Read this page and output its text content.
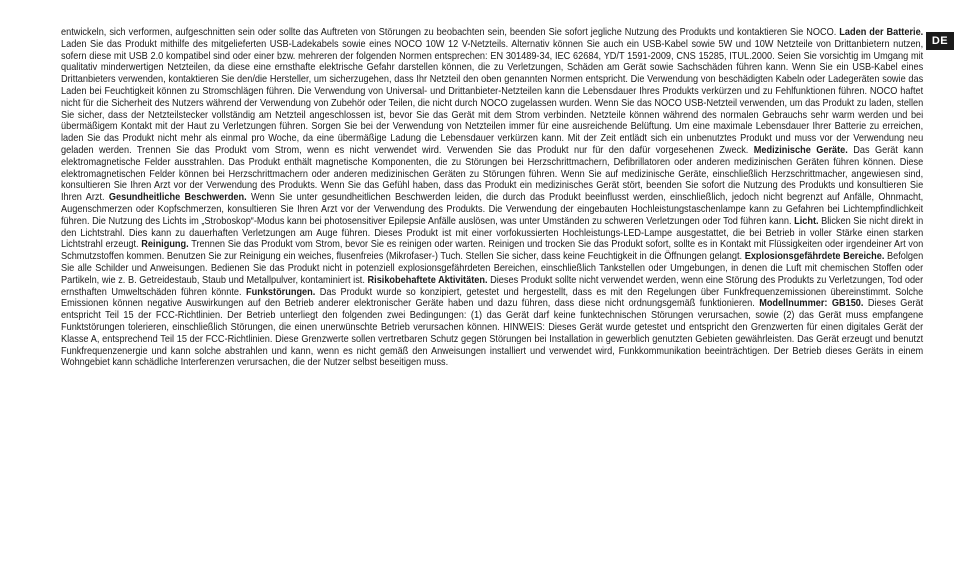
DE
entwickeln, sich verformen, aufgeschnitten sein oder sollte das Auftreten von Störungen zu beobachten sein, beenden Sie sofort jegliche Nutzung des Produkts und kontaktieren Sie NOCO. Laden der Batterie. Laden Sie das Produkt mithilfe des mitgelieferten USB-Ladekabels sowie eines NOCO 10W 12 V-Netzteils. Alternativ können Sie auch ein USB-Kabel sowie 5W und 10W Netzteile von Drittanbietern nutzen, sofern diese mit USB 2.0 kompatibel sind oder einer bzw. mehreren der folgenden Normen entsprechen: EN 301489-34, IEC 62684, YD/T 1591-2009, CNS 15285, ITUL.2000. Seien Sie vorsichtig im Umgang mit qualitativ minderwertigen Netzteilen, da diese eine ernsthafte elektrische Gefahr darstellen können, die zu Verletzungen, Schäden am Gerät sowie Sachschäden führen kann. Wenn Sie ein USB-Kabel eines Drittanbieters verwenden, kontaktieren Sie den/die Hersteller, um sicherzugehen, dass Ihr Netzteil den oben genannten Normen entspricht. Die Verwendung von beschädigten Kabeln oder Ladegeräten sowie das Laden bei Feuchtigkeit können zu Stromschlägen führen. Die Verwendung von Universal- und Drittanbieter-Netzteilen kann die Lebensdauer Ihres Produkts verkürzen und zu Fehlfunktionen führen. NOCO haftet nicht für die Sicherheit des Nutzers während der Verwendung von Zubehör oder Teilen, die nicht durch NOCO zugelassen wurden. Wenn Sie das NOCO USB-Netzteil verwenden, um das Produkt zu laden, stellen Sie sicher, dass der Netzteilstecker vollständig am Netzteil angeschlossen ist, bevor Sie das Gerät mit dem Strom verbinden. Netzteile können während des normalen Gebrauchs sehr warm werden und bei übermäßigem Kontakt mit der Haut zu Verletzungen führen. Sorgen Sie bei der Verwendung von Netzteilen immer für eine ausreichende Belüftung. Um eine maximale Lebensdauer Ihrer Batterie zu erreichen, laden Sie das Produkt nicht mehr als einmal pro Woche, da eine übermäßige Ladung die Lebensdauer verkürzen kann. Mit der Zeit entlädt sich ein unbenutztes Produkt und muss vor der Verwendung neu geladen werden. Trennen Sie das Produkt vom Strom, wenn es nicht verwendet wird. Verwenden Sie das Produkt nur für den dafür vorgesehenen Zweck. Medizinische Geräte. Das Gerät kann elektromagnetische Felder ausstrahlen. Das Produkt enthält magnetische Komponenten, die zu Störungen bei Herzschrittmachern, Defibrillatoren oder anderen medizinischen Geräten führen können. Diese elektromagnetischen Felder können bei Herzschrittmachern oder anderen medizinischen Geräten zu Störungen führen. Wenn Sie auf medizinische Geräte, einschließlich Herzschrittmacher, angewiesen sind, konsultieren Sie Ihren Arzt vor der Verwendung des Produkts. Wenn Sie das Gefühl haben, dass das Produkt ein medizinisches Gerät stört, beenden Sie sofort die Nutzung des Produkts und konsultieren Sie Ihren Arzt. Gesundheitliche Beschwerden. Wenn Sie unter gesundheitlichen Beschwerden leiden, die durch das Produkt beeinflusst werden, einschließlich, jedoch nicht begrenzt auf Anfälle, Ohnmacht, Augenschmerzen oder Kopfschmerzen, konsultieren Sie Ihren Arzt vor der Verwendung des Produkts. Die Verwendung der eingebauten Hochleistungstaschenlampe kann zu Gefahren bei Lichtempfindlichkeit führen. Die Nutzung des Lichts im „Stroboskop“-Modus kann bei photosensitiver Epilepsie Anfälle auslösen, was unter Umständen zu schweren Verletzungen oder Tod führen kann. Licht. Blicken Sie nicht direkt in den Lichtstrahl. Dies kann zu dauerhaften Verletzungen am Auge führen. Dieses Produkt ist mit einer vorfokussierten Hochleistungs-LED-Lampe ausgestattet, die bei Betrieb in voller Stärke einen starken Lichtstrahl erzeugt. Reinigung. Trennen Sie das Produkt vom Strom, bevor Sie es reinigen oder warten. Reinigen und trocken Sie das Produkt sofort, sollte es in Kontakt mit Flüssigkeiten oder irgendeiner Art von Schmutzstoffen kommen. Benutzen Sie zur Reinigung ein weiches, flusenfreies (Mikrofaser-) Tuch. Stellen Sie sicher, dass keine Feuchtigkeit in die Öffnungen gelangt. Explosionsgefährdete Bereiche. Befolgen Sie alle Schilder und Anweisungen. Bedienen Sie das Produkt nicht in potenziell explosionsgefährdeten Bereichen, einschließlich Tankstellen oder Umgebungen, in denen die Luft mit chemischen Stoffen oder Partikeln, wie z. B. Getreidestaub, Staub und Metallpulver, kontaminiert ist. Risikobehaftete Aktivitäten. Dieses Produkt sollte nicht verwendet werden, wenn eine Störung des Produkts zu Verletzungen, Tod oder ernsthaften Umweltschäden führen könnte. Funkstörungen. Das Produkt wurde so konzipiert, getestet und hergestellt, dass es mit den Regelungen über Funkfrequenzemissionen übereinstimmt. Solche Emissionen können negative Auswirkungen auf den Betrieb anderer elektronischer Geräte haben und dazu führen, dass diese nicht ordnungsgemäß funktionieren. Modellnummer: GB150. Dieses Gerät entspricht Teil 15 der FCC-Richtlinien. Der Betrieb unterliegt den folgenden zwei Bedingungen: (1) das Gerät darf keine funktechnischen Störungen verursachen, sowie (2) das Gerät muss empfangene Funktstörungen tolerieren, einschließlich Störungen, die einen unerwünschte Betrieb verursachen können. HINWEIS: Dieses Gerät wurde getestet und entspricht den Grenzwerten für einen digitales Gerät der Klasse A, entsprechend Teil 15 der FCC-Richtlinien. Diese Grenzwerte sollen vertretbaren Schutz gegen Störungen bei Installation in gewerblich genutzten Gebieten gewährleisten. Das Gerät erzeugt und benutzt Funkfrequenzenergie und kann solche abstrahlen und kann, wenn es nicht gemäß den Anweisungen installiert und verwendet wird, Funkkommunikation beeinträchtigen. Der Betrieb dieses Geräts in einem Wohngebiet kann schädliche Interferenzen verursachen, die der Nutzer selbst beseitigen muss.
